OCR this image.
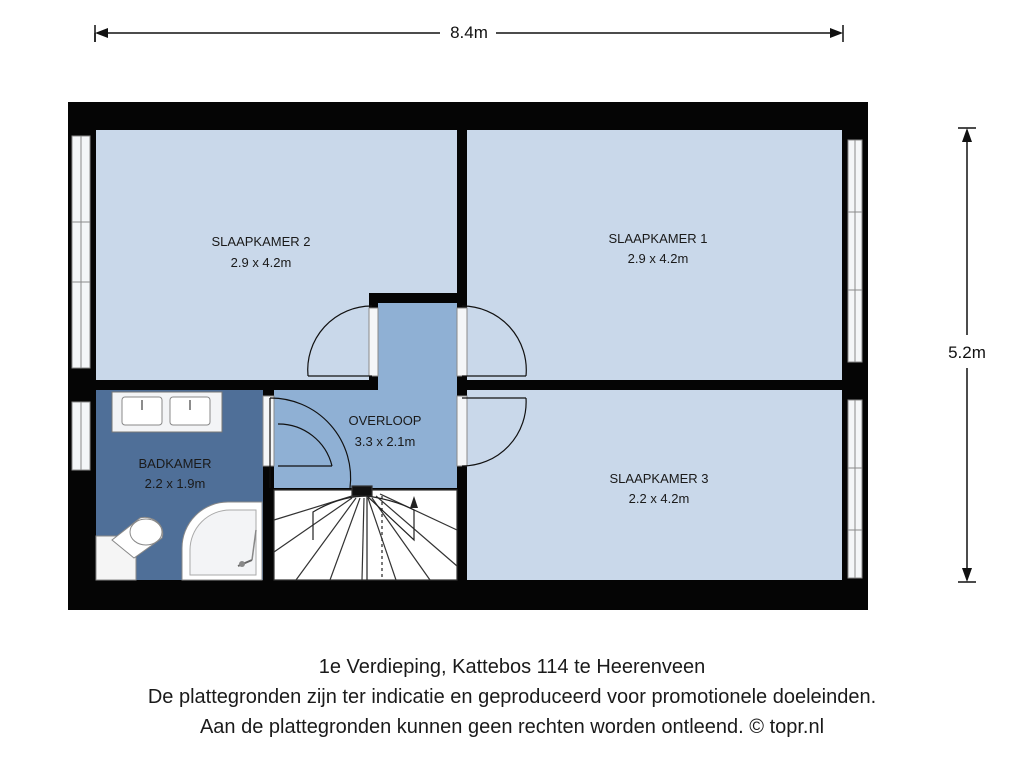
8.4m
5.2m
SLAAPKAMER 2
2.9 x 4.2m
SLAAPKAMER 1
2.9 x 4.2m
OVERLOOP
3.3 x 2.1m
BADKAMER
2.2 x 1.9m	SLAAPKAMER 3
2.2 x 4.2m
1e Verdieping, Kattebos 114 te Heerenveen
De plattegronden zijn ter indicatie en geproduceerd voor promotionele doeleinden.
Aan de plattegronden kunnen geen rechten worden ontleend. © topr.nl
